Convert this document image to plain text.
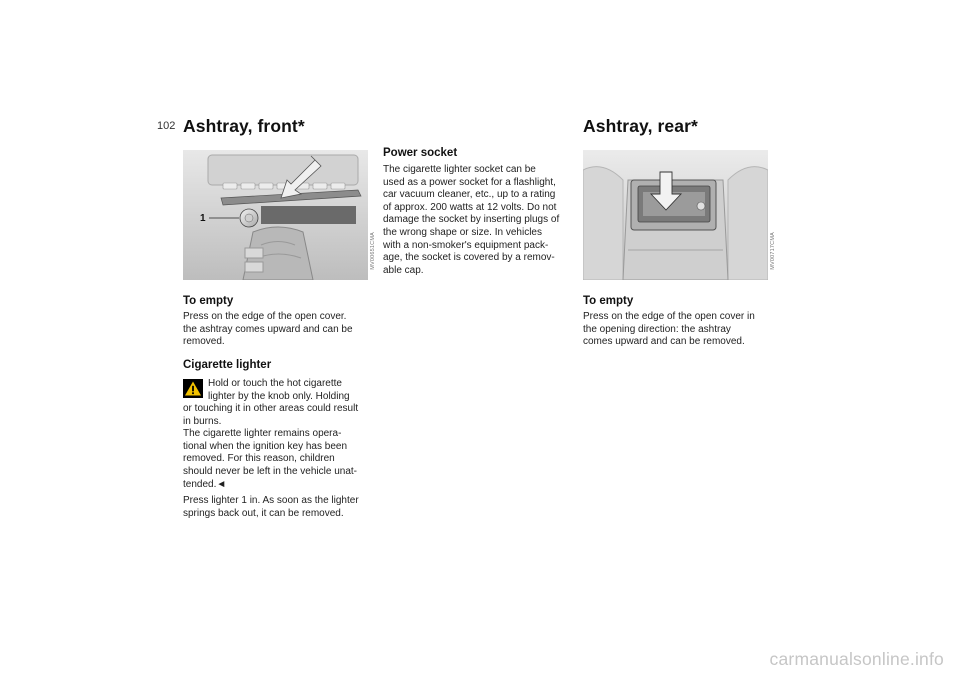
102 Ashtray, front*
1
MV00651CMA
To empty
Press on the edge of the open cover.
the ashtray comes upward and can be
removed.
Cigarette lighter
Hold or touch the hot cigarette
lighter by the knob only. Holding
or touching it in other areas could result
in burns.
The cigarette lighter remains opera-
tional when the ignition key has been
removed. For this reason, children
should never be left in the vehicle unat-
tended.◄
Press lighter 1 in. As soon as the lighter
springs back out, it can be removed.
Power socket
The cigarette lighter socket can be
used as a power socket for a flashlight,
car vacuum cleaner, etc., up to a rating
of approx. 200 watts at 12 volts. Do not
damage the socket by inserting plugs of
the wrong shape or size. In vehicles
with a non-smoker's equipment pack-
age, the socket is covered by a remov-
able cap.
Ashtray, rear*
MV00717CMA
To empty
Press on the edge of the open cover in
the opening direction: the ashtray
comes upward and can be removed.
carmanualsonline.info
